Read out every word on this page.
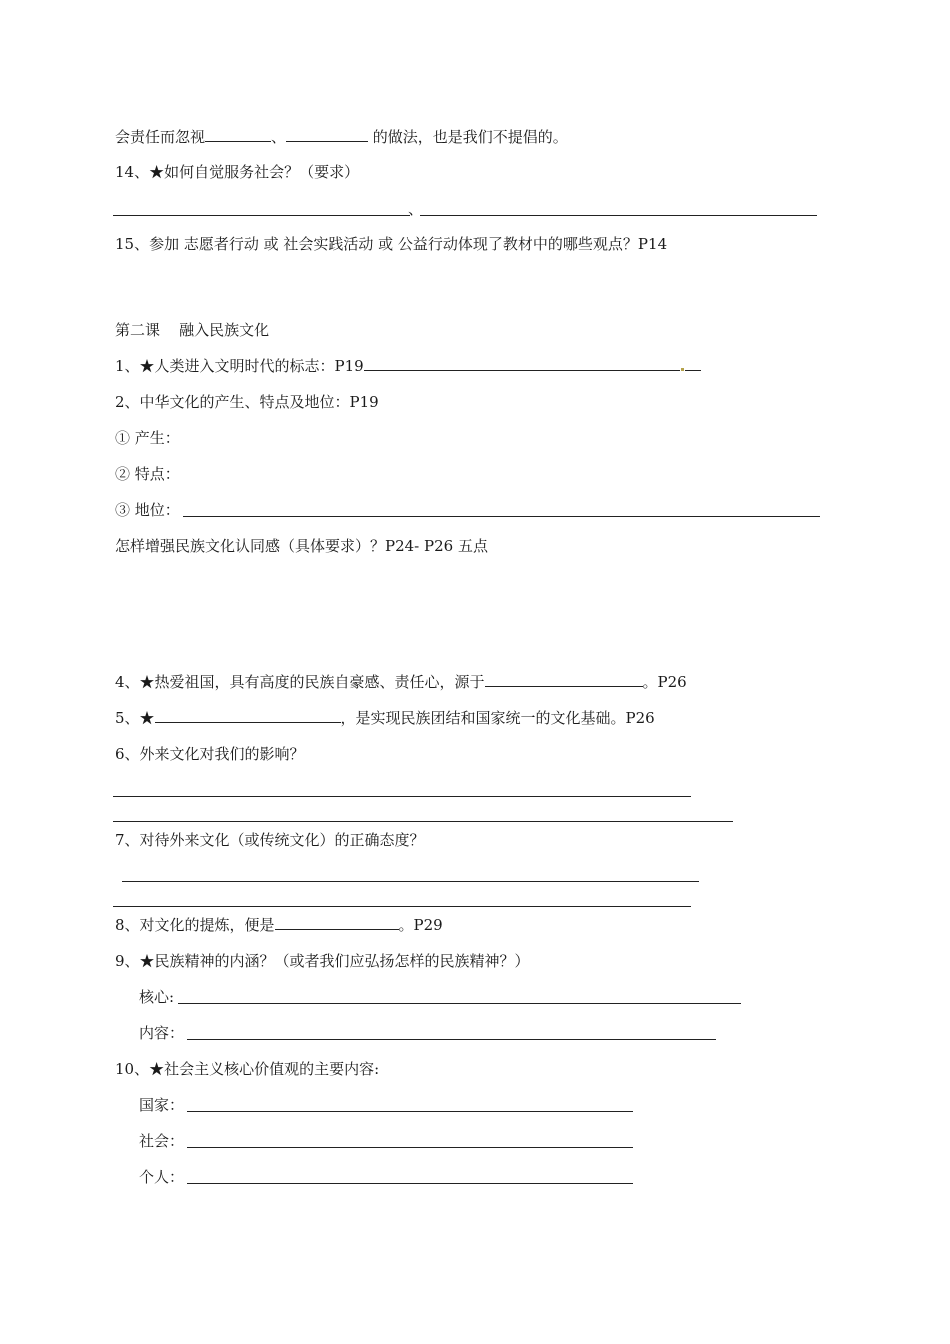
会责任而忽视	、	的做法，也是我们不提倡的。
14、★如何自觉服务社会？（要求）
、
15、参加 志愿者行动 或 社会实践活动 或 公益行动体现了教材中的哪些观点？P14
第二课    融入民族文化
1、★人类进入文明时代的标志：P19
2、中华文化的产生、特点及地位：P19
① 产生：
② 特点：
③ 地位：
怎样增强民族文化认同感（具体要求）？P24- P26 五点
4、★热爱祖国，具有高度的民族自豪感、责任心，源于	。P26
5、★	，是实现民族团结和国家统一的文化基础。P26
6、外来文化对我们的影响？
7、对待外来文化（或传统文化）的正确态度？
8、对文化的提炼，便是	。P29
9、★民族精神的内涵？（或者我们应弘扬怎样的民族精神？）
核心:
内容：
10、★社会主义核心价值观的主要内容:
国家：
社会：
个人：
